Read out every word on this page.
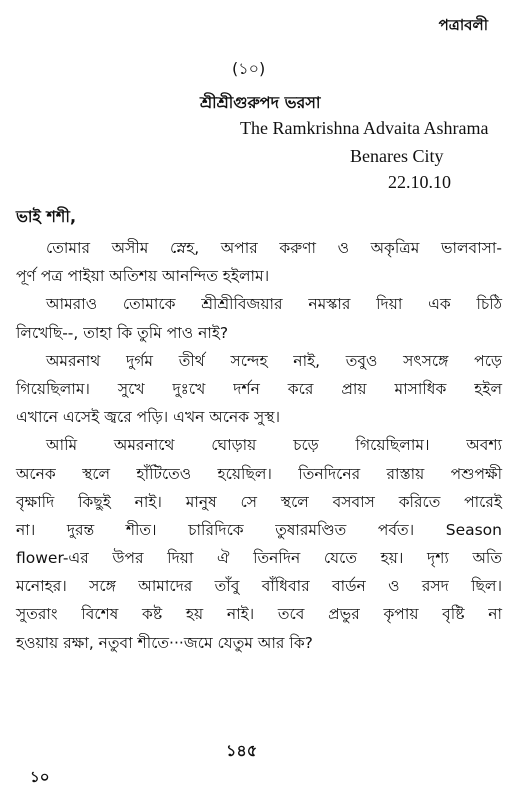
পত্রাবলী
(১০)
শ্রীশ্রীগুরুপদ ভরসা
The Ramkrishna Advaita Ashrama
Benares City
22.10.10
ভাই শশী,
তোমার অসীম স্নেহ, অপার করুণা ও অকৃত্রিম ভালবাসা-
পূর্ণ পত্র পাইয়া অতিশয় আনন্দিত হইলাম।
আমরাও তোমাকে শ্রীশ্রীবিজয়ার নমস্কার দিয়া এক চিঠি
লিখেছি--, তাহা কি তুমি পাও নাই?
অমরনাথ দুর্গম তীর্থ সন্দেহ নাই, তবুও সৎসঙ্গে পড়ে
গিয়েছিলাম। সুখে দুঃখে দর্শন করে প্রায় মাসাধিক হইল
এখানে এসেই জ্বরে পড়ি। এখন অনেক সুস্থ।
আমি অমরনাথে ঘোড়ায় চড়ে গিয়েছিলাম। অবশ্য
অনেক স্থলে হাঁটিতেও হয়েছিল। তিনদিনের রাস্তায় পশুপক্ষী
বৃক্ষাদি কিছুই নাই। মানুষ সে স্থলে বসবাস করিতে পারেই
না। দুরন্ত শীত। চারিদিকে তুষারমণ্ডিত পর্বত। Season
flower-এর উপর দিয়া ঐ তিনদিন যেতে হয়। দৃশ্য অতি
মনোহর। সঙ্গে আমাদের তাঁবু বাঁধিবার বার্ডন ও রসদ ছিল।
সুতরাং বিশেষ কষ্ট হয় নাই। তবে প্রভুর কৃপায় বৃষ্টি না
হওয়ায় রক্ষা, নতুবা শীতে···জমে যেতুম আর কি?
১৪৫
১০
